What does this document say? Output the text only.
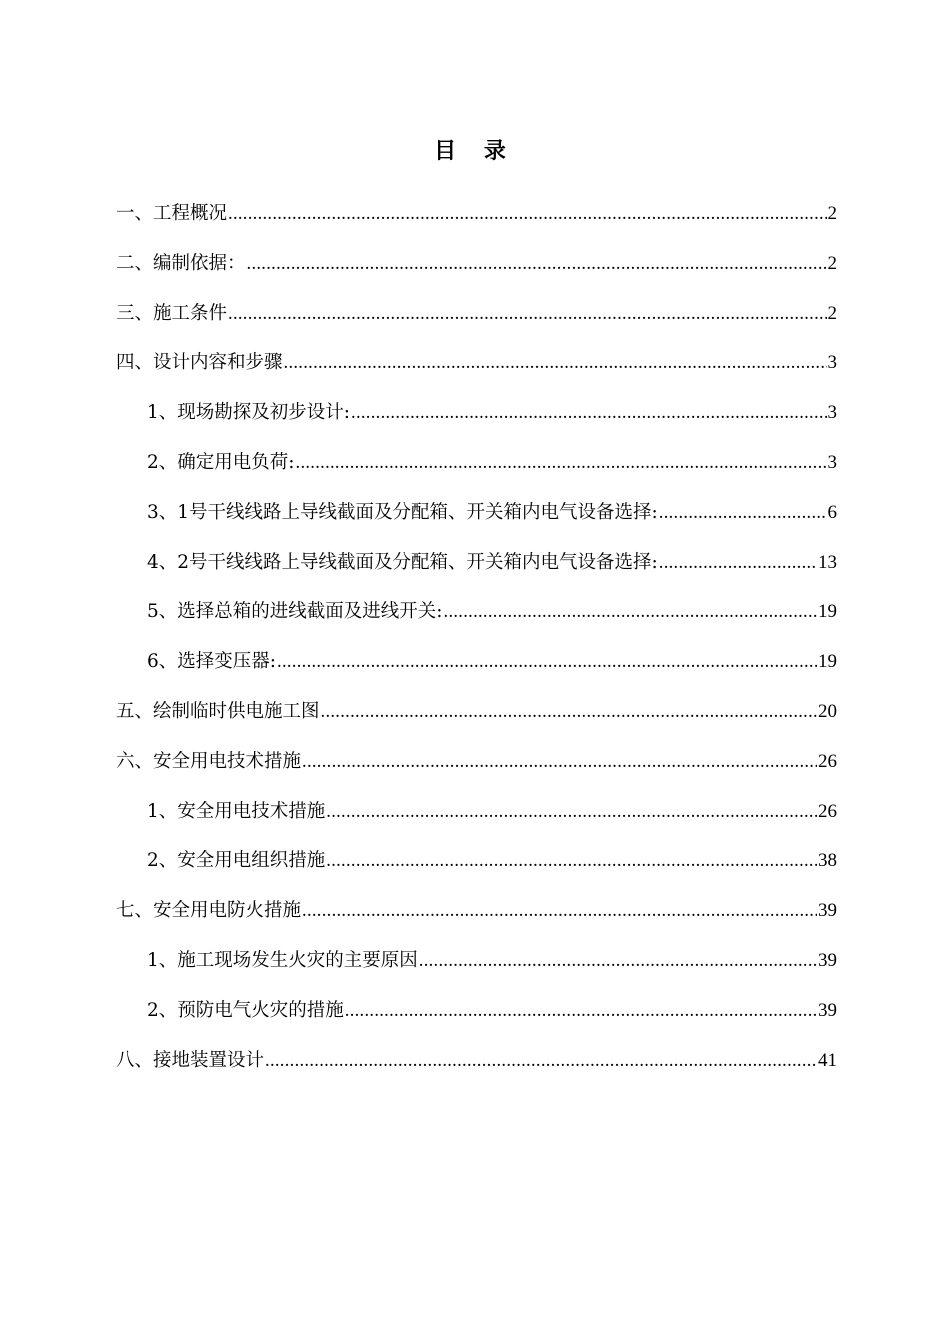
目 录
一、工程概况 .....	2
二、编制依据： .....	2
三、施工条件 .....	2
四、设计内容和步骤 .....	3
1、现场勘探及初步设计: .....	3
2、确定用电负荷: .....	3
3、1号干线线路上导线截面及分配箱、开关箱内电气设备选择: .....	6
4、2号干线线路上导线截面及分配箱、开关箱内电气设备选择: .....	13
5、选择总箱的进线截面及进线开关: .....	19
6、选择变压器: .....	19
五、绘制临时供电施工图 .....	20
六、安全用电技术措施 .....	26
1、安全用电技术措施 .....	26
2、安全用电组织措施 .....	38
七、安全用电防火措施 .....	39
1、施工现场发生火灾的主要原因 .....	39
2、预防电气火灾的措施 .....	39
八、接地装置设计 .....	41
